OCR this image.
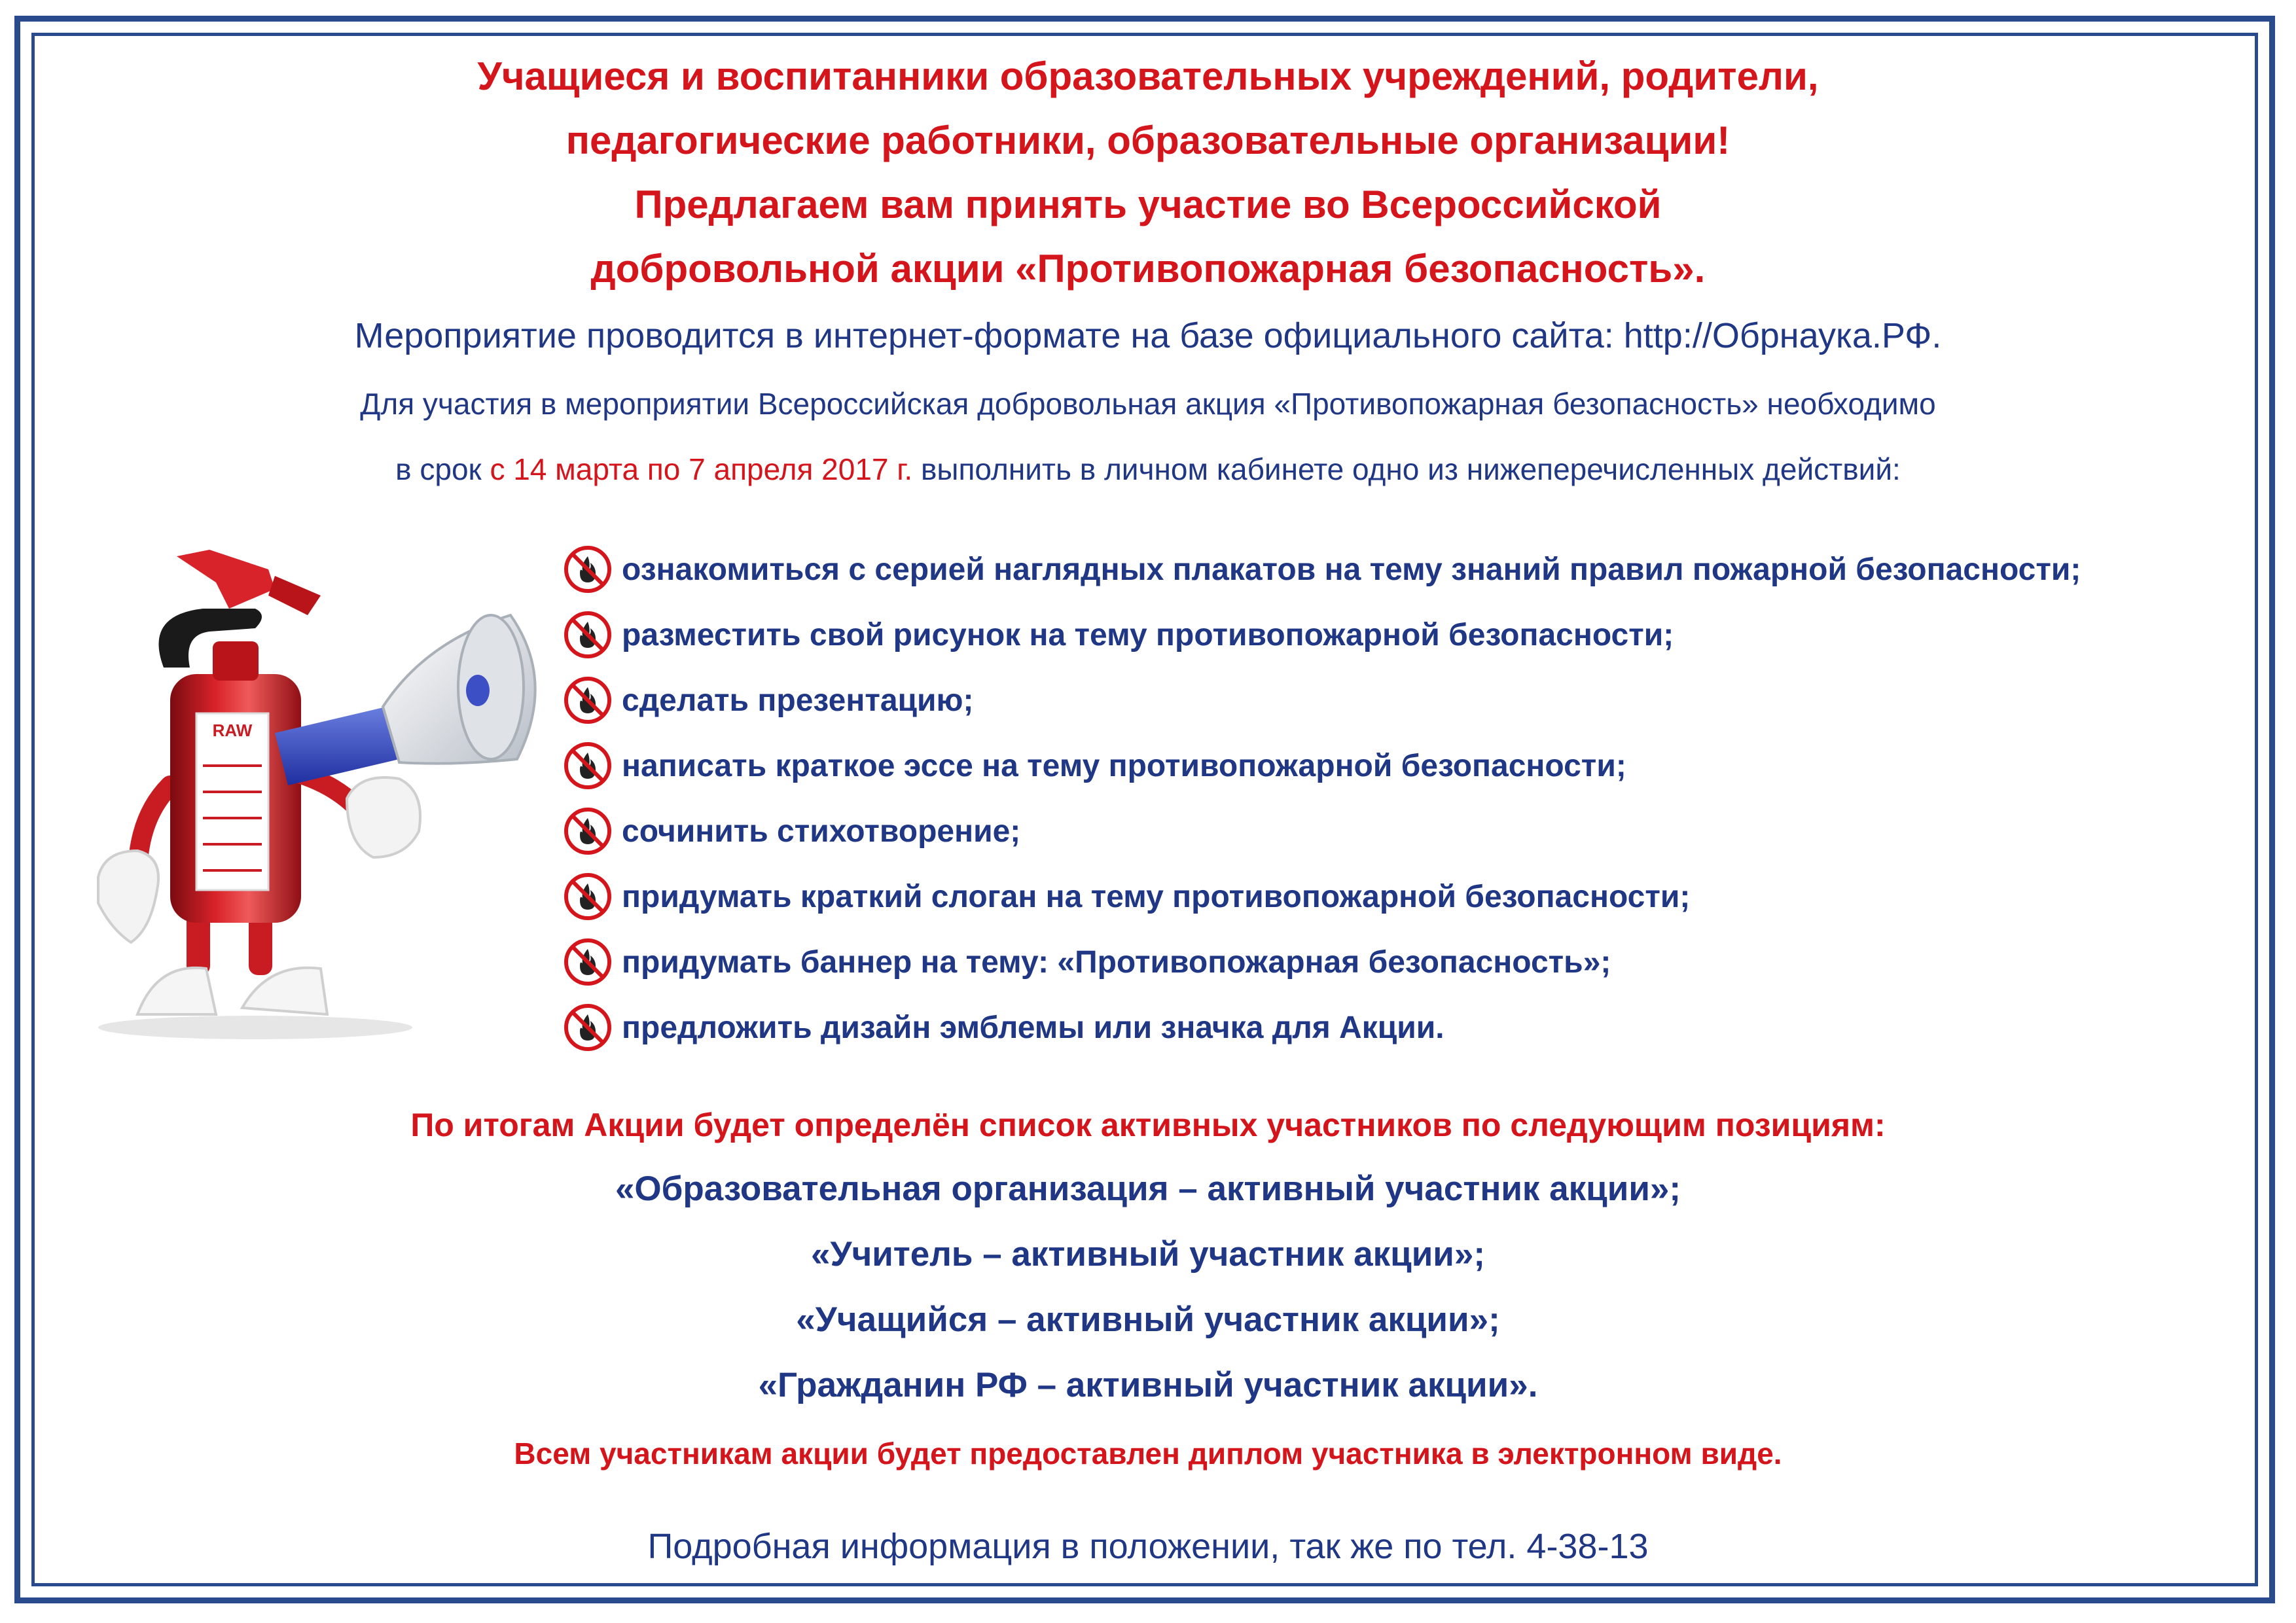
Учащиеся и воспитанники образовательных учреждений, родители,
педагогические работники, образовательные организации!
Предлагаем вам принять участие во Всероссийской
добровольной акции «Противопожарная безопасность».
Мероприятие проводится в интернет-формате на базе официального сайта: http://Обрнаука.РФ.
Для участия в мероприятии Всероссийская добровольная акция «Противопожарная безопасность» необходимо
в срок с 14 марта по 7 апреля 2017 г. выполнить в личном кабинете одно из нижеперечисленных действий:
RAW
ознакомиться с серией наглядных плакатов на тему знаний правил пожарной безопасности;
разместить свой рисунок на тему противопожарной безопасности;
сделать презентацию;
написать краткое эссе на тему противопожарной безопасности;
сочинить стихотворение;
придумать краткий слоган на тему противопожарной безопасности;
придумать баннер на тему: «Противопожарная безопасность»;
предложить дизайн эмблемы или значка для Акции.
По итогам Акции будет определён список активных участников по следующим позициям:
«Образовательная организация – активный участник акции»;
«Учитель – активный участник акции»;
«Учащийся – активный участник акции»;
«Гражданин РФ – активный участник акции».
Всем участникам акции будет предоставлен диплом участника в электронном виде.
Подробная информация в положении, так же по тел. 4-38-13
